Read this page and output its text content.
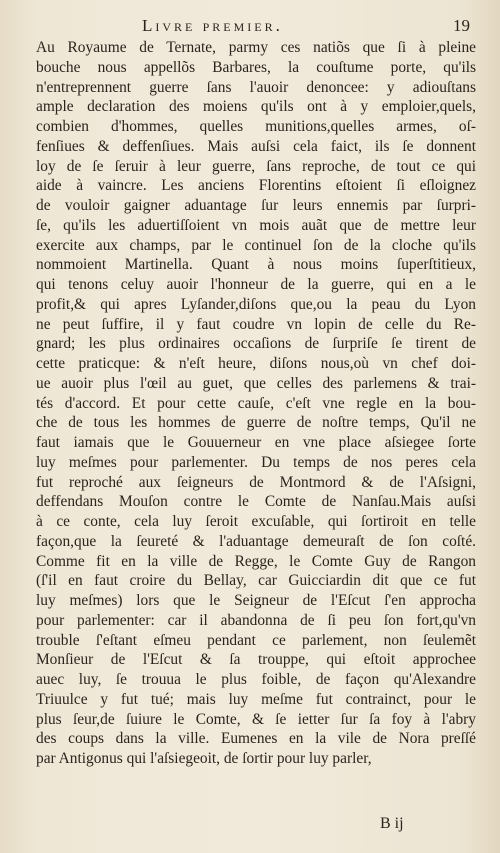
Livre premier.	19
Au Royaume de Ternate, parmy ces natiõs que ſi à pleine
bouche nous appellõs Barbares, la couſtume porte, qu'ils
n'entreprennent guerre ſans l'auoir denoncee: y adiouſtans
ample declaration des moiens qu'ils ont à y emploier,quels,
combien d'hommes, quelles munitions,quelles armes, oſ-
fenſiues & deffenſiues. Mais auſsi cela faict, ils ſe donnent
loy de ſe ſeruir à leur guerre, ſans reproche, de tout ce qui
aide à vaincre. Les anciens Florentins eſtoient ſi eſloignez
de vouloir gaigner aduantage ſur leurs ennemis par ſurpri-
ſe, qu'ils les aduertiſſoient vn mois auãt que de mettre leur
exercite aux champs, par le continuel ſon de la cloche qu'ils
nommoient Martinella. Quant à nous moins ſuperſtitieux,
qui tenons celuy auoir l'honneur de la guerre, qui en a le
profit,& qui apres Lyſander,diſons que,ou la peau du Lyon
ne peut ſuffire, il y faut coudre vn lopin de celle du Re-
gnard; les plus ordinaires occaſions de ſurpriſe ſe tirent de
cette praticque: & n'eſt heure, diſons nous,où vn chef doi-
ue auoir plus l'œil au guet, que celles des parlemens & trai-
tés d'accord. Et pour cette cauſe, c'eſt vne regle en la bou-
che de tous les hommes de guerre de noſtre temps, Qu'il ne
faut iamais que le Gouuerneur en vne place aſsiegee ſorte
luy meſmes pour parlementer. Du temps de nos peres cela
fut reproché aux ſeigneurs de Montmord & de l'Aſsigni,
deffendans Mouſon contre le Comte de Nanſau.Mais auſsi
à ce conte, cela luy ſeroit excuſable, qui ſortiroit en telle
façon,que la ſeureté & l'aduantage demeuraſt de ſon coſté.
Comme fit en la ville de Regge, le Comte Guy de Rangon
(ſ'il en faut croire du Bellay, car Guicciardin dit que ce fut
luy meſmes) lors que le Seigneur de l'Eſcut ſ'en approcha
pour parlementer: car il abandonna de ſi peu ſon fort,qu'vn
trouble ſ'eſtant eſmeu pendant ce parlement, non ſeulemẽt
Monſieur de l'Eſcut & ſa trouppe, qui eſtoit approchee
auec luy, ſe trouua le plus foible, de façon qu'Alexandre
Triuulce y fut tué; mais luy meſme fut contrainct, pour le
plus ſeur,de ſuiure le Comte, & ſe ietter ſur ſa foy à l'abry
des coups dans la ville. Eumenes en la vile de Nora preſſé
par Antigonus qui l'aſsiegeoit, de ſortir pour luy parler,
B ij
